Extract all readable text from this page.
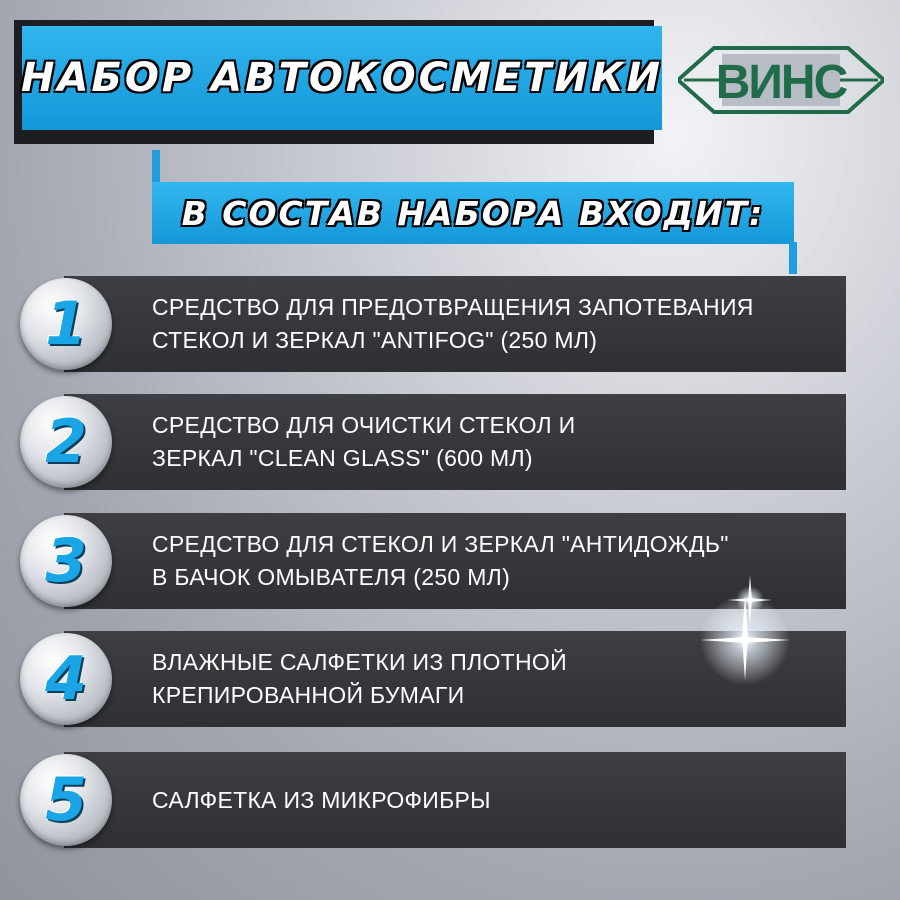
НАБОР АВТОКОСМЕТИКИ ВИНС
В СОСТАВ НАБОРА ВХОДИТ:
СРЕДСТВО ДЛЯ ПРЕДОТВРАЩЕНИЯ ЗАПОТЕВАНИЯ
СТЕКОЛ И ЗЕРКАЛ "ANTIFOG" (250 МЛ)
1
СРЕДСТВО ДЛЯ ОЧИСТКИ СТЕКОЛ И
ЗЕРКАЛ "CLEAN GLASS" (600 МЛ)
2
СРЕДСТВО ДЛЯ СТЕКОЛ И ЗЕРКАЛ "АНТИДОЖДЬ"
В БАЧОК ОМЫВАТЕЛЯ (250 МЛ)
3
ВЛАЖНЫЕ САЛФЕТКИ ИЗ ПЛОТНОЙ
КРЕПИРОВАННОЙ БУМАГИ
4
САЛФЕТКА ИЗ МИКРОФИБРЫ
5
